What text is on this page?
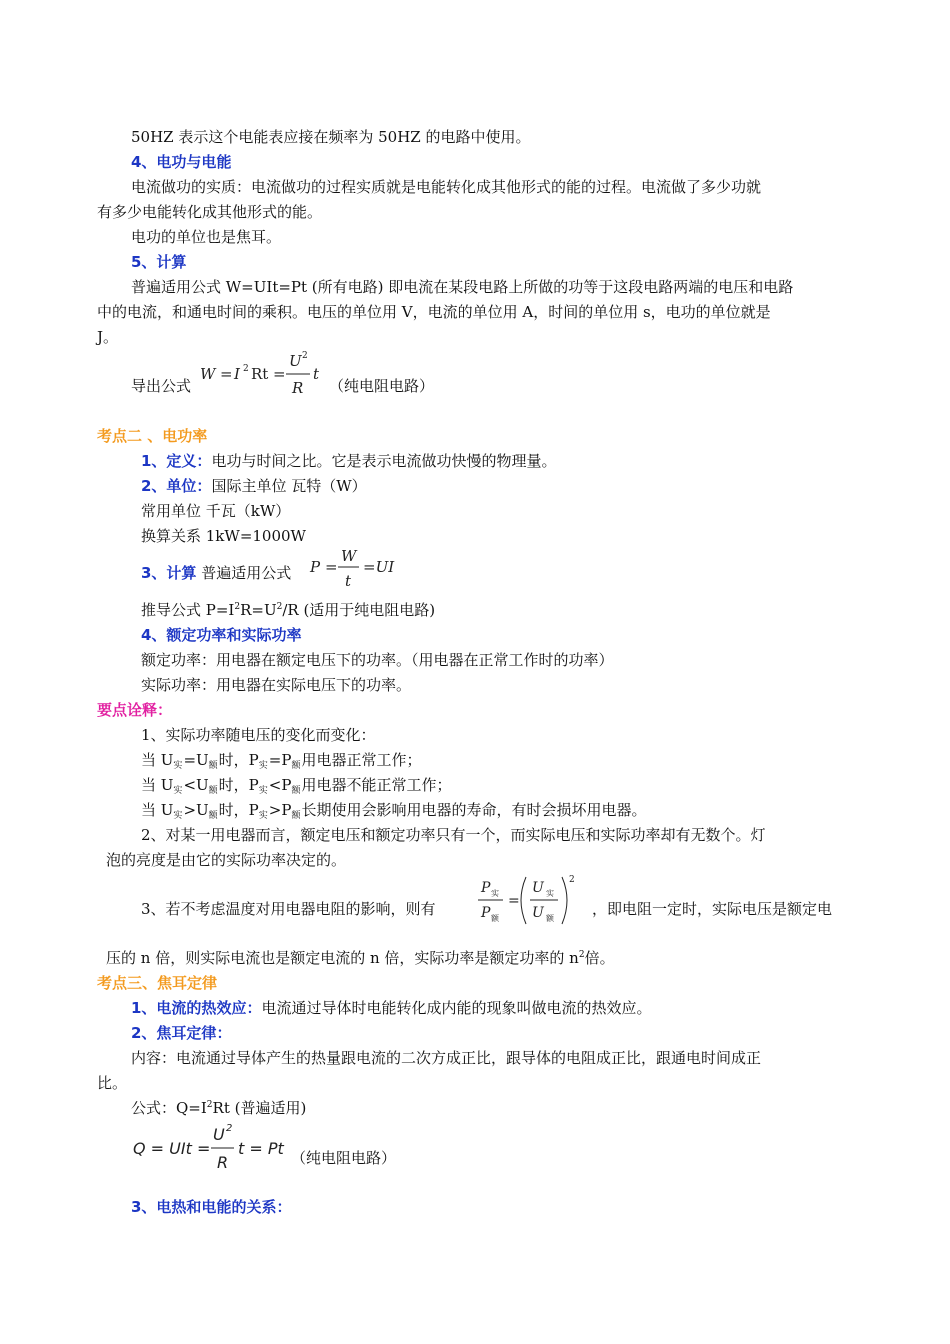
50HZ 表示这个电能表应接在频率为 50HZ 的电路中使用。
4、电功与电能
电流做功的实质：电流做功的过程实质就是电能转化成其他形式的能的过程。电流做了多少功就
有多少电能转化成其他形式的能。
电功的单位也是焦耳。
5、计算
普遍适用公式 W=UIt=Pt (所有电路) 即电流在某段电路上所做的功等于这段电路两端的电压和电路
中的电流，和通电时间的乘积。电压的单位用 V，电流的单位用 A，时间的单位用 s，电功的单位就是
J。
导出公式
W = I 2 Rt =
U 2
R
t
（纯电阻电路）
考点二 、电功率
1、定义：电功与时间之比。它是表示电流做功快慢的物理量。
2、单位：国际主单位 瓦特（W）
常用单位 千瓦（kW）
换算关系 1kW=1000W
3、计算 普遍适用公式 P =
W
t
=UI
推导公式 $P=I^2R=U^2/R$ (适用于纯电阻电路)
4、额定功率和实际功率
额定功率：用电器在额定电压下的功率。（用电器在正常工作时的功率）
实际功率：用电器在实际电压下的功率。
要点诠释：
1、实际功率随电压的变化而变化：
当 $U_实=U_额$时，$P_实=P_额$用电器正常工作；
当 $U_实<U_额$时，$P_实<P_额$用电器不能正常工作；
当 $U_实>U_额$时，$P_实>P_额$长期使用会影响用电器的寿命，有时会损坏用电器。
2、对某一用电器而言，额定电压和额定功率只有一个，而实际电压和实际功率却有无数个。灯
泡的亮度是由它的实际功率决定的。
3、若不考虑温度对用电器电阻的影响，则有
P 实
P 额
=
U 实
U 额
2
，即电阻一定时，实际电压是额定电
压的 n 倍，则实际电流也是额定电流的 n 倍，实际功率是额定功率的 $n^2$倍。
考点三、焦耳定律
1、电流的热效应：电流通过导体时电能转化成内能的现象叫做电流的热效应。
2、焦耳定律：
内容：电流通过导体产生的热量跟电流的二次方成正比，跟导体的电阻成正比，跟通电时间成正
比。
公式：$Q=I^2Rt$ (普遍适用)
Q = UIt =
U 2
R
t = Pt （纯电阻电路）
3、电热和电能的关系：
